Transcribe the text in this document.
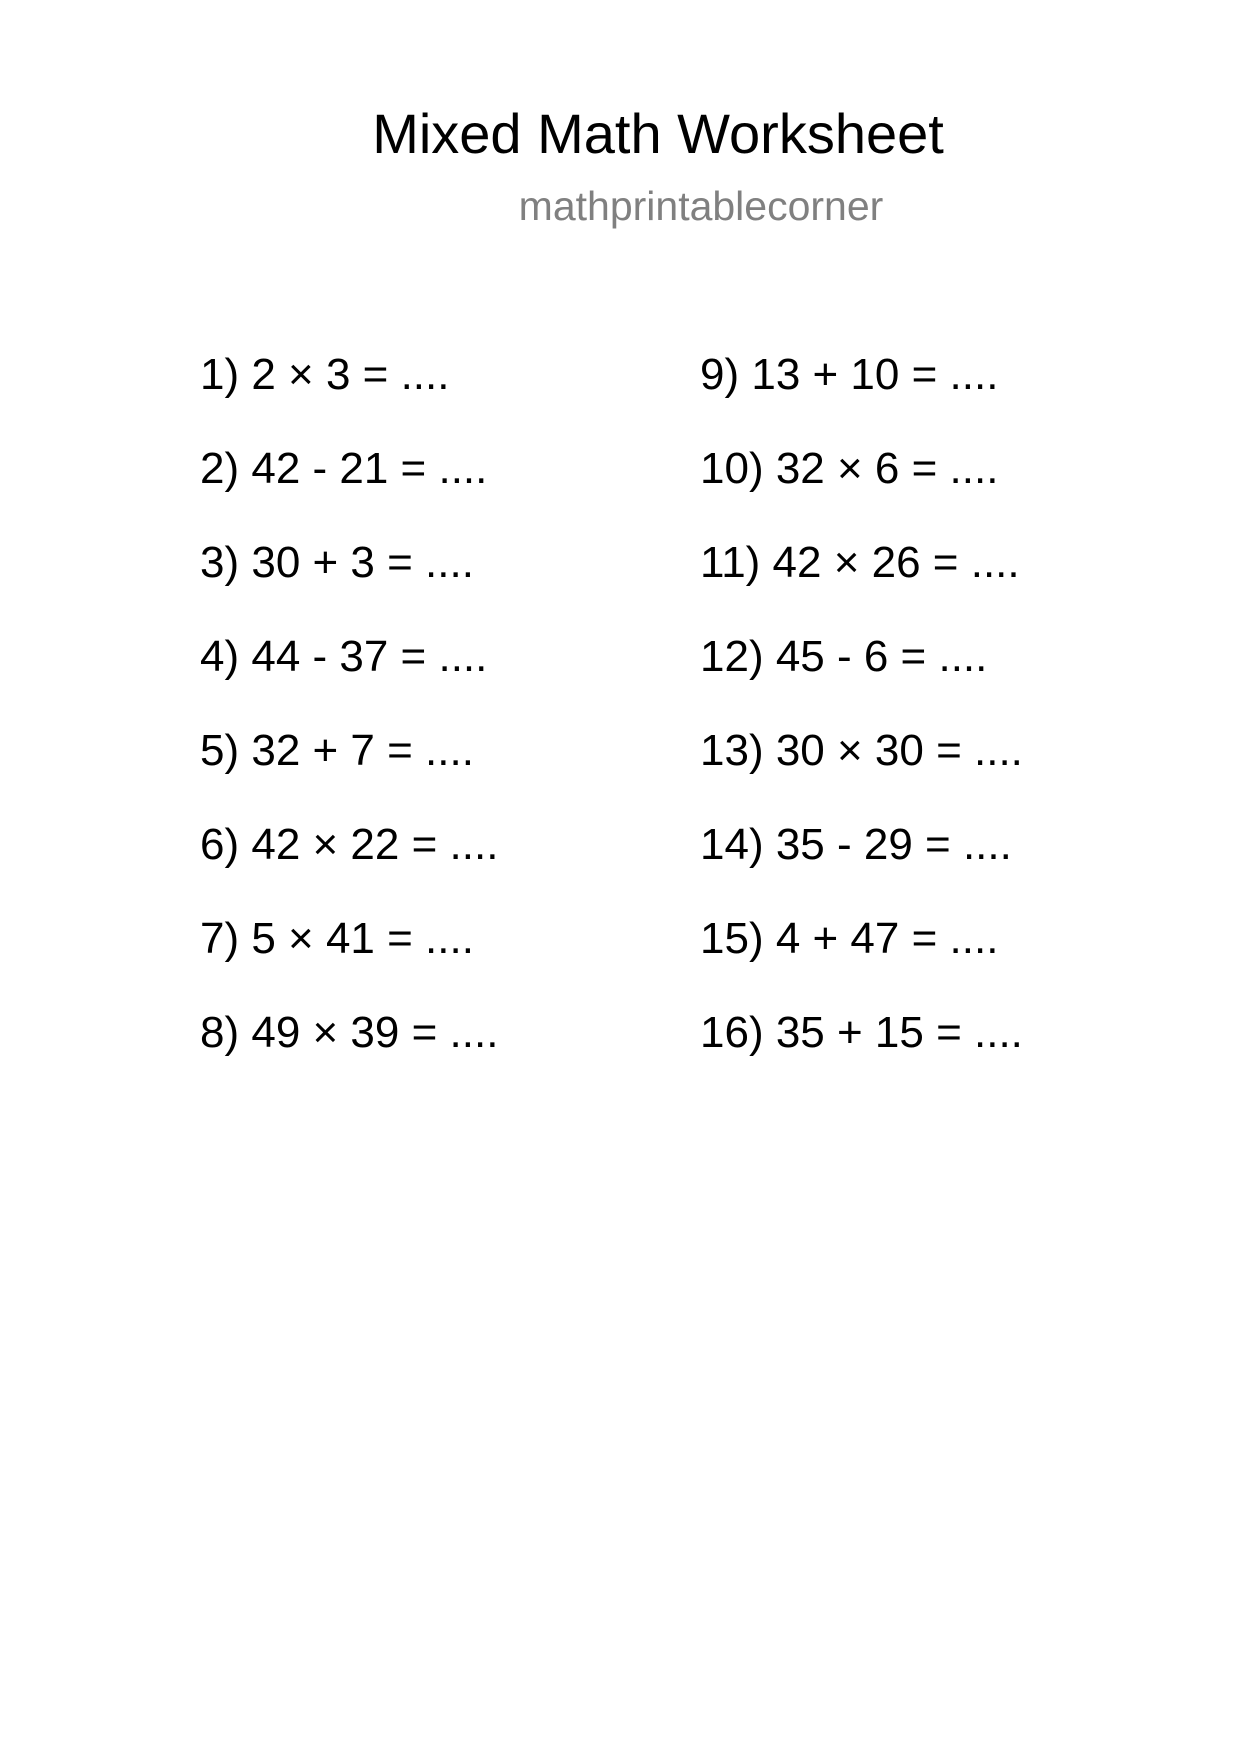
Mixed Math Worksheet
mathprintablecorner
1) 2 × 3 = ....
2) 42 - 21 = ....
3) 30 + 3 = ....
4) 44 - 37 = ....
5) 32 + 7 = ....
6) 42 × 22 = ....
7) 5 × 41 = ....
8) 49 × 39 = ....
9) 13 + 10 = ....
10) 32 × 6 = ....
11) 42 × 26 = ....
12) 45 - 6 = ....
13) 30 × 30 = ....
14) 35 - 29 = ....
15) 4 + 47 = ....
16) 35 + 15 = ....
